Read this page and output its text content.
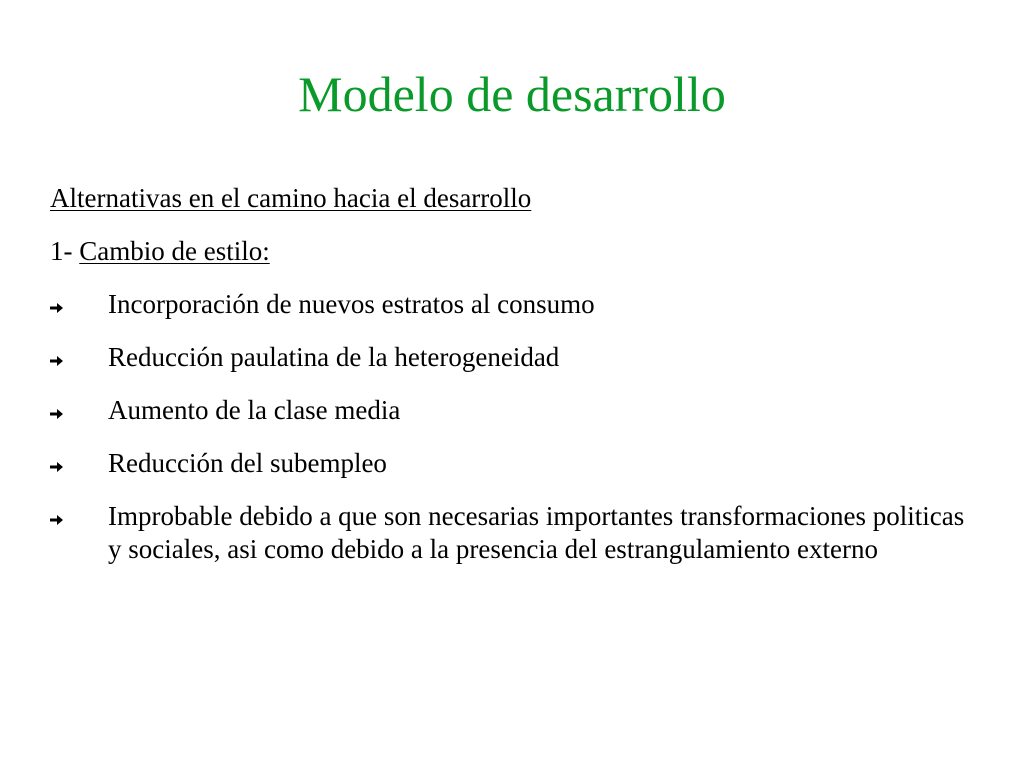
Modelo de desarrollo
Alternativas en el camino hacia el desarrollo
1- Cambio de estilo:
Incorporación de nuevos estratos al consumo
Reducción paulatina de la heterogeneidad
Aumento de la clase media
Reducción del subempleo
Improbable debido a que son necesarias importantes transformaciones politicas y sociales, asi como debido a la presencia del estrangulamiento externo
